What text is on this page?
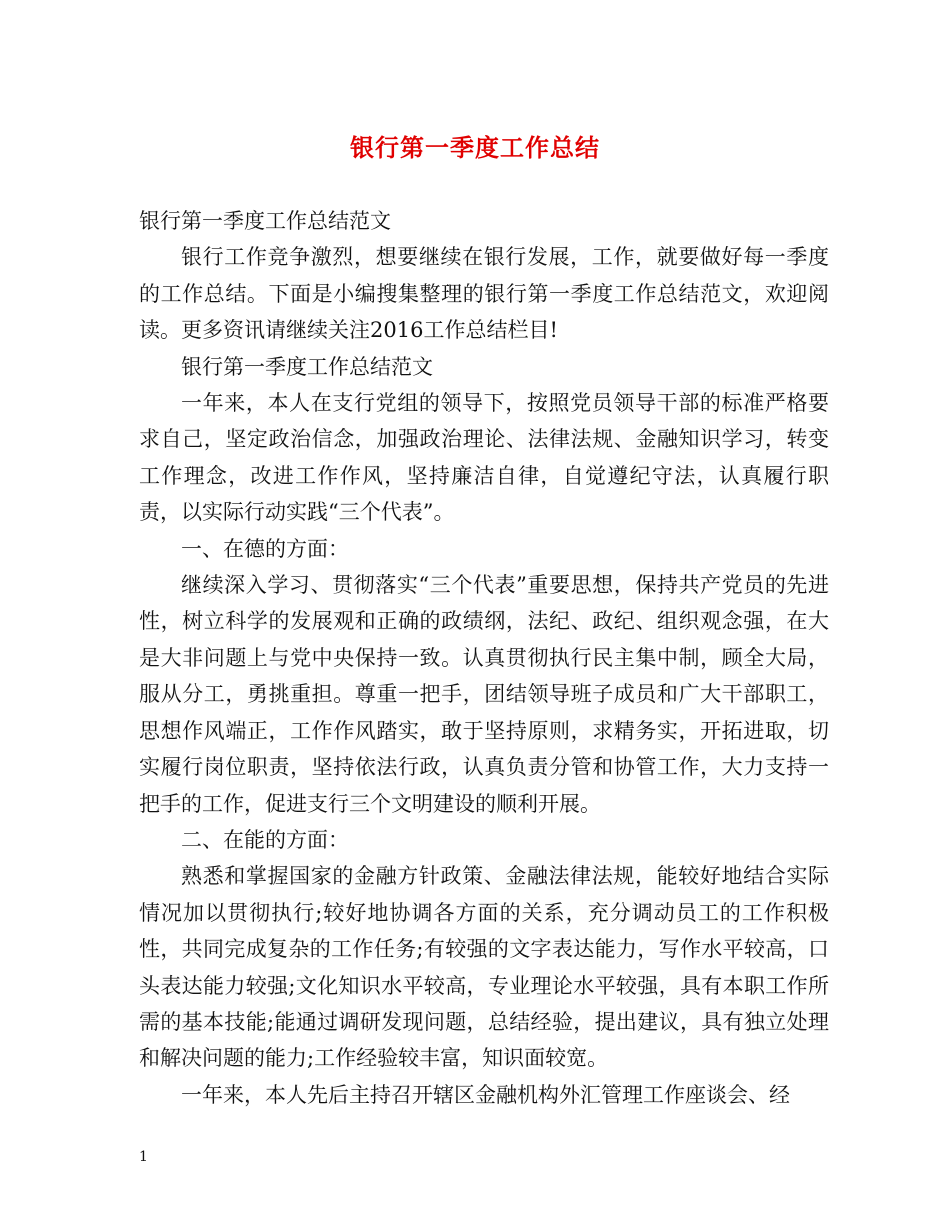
银行第一季度工作总结

银行第一季度工作总结范文

银行工作竞争激烈，想要继续在银行发展，工作，就要做好每一季度的工作总结。下面是小编搜集整理的银行第一季度工作总结范文，欢迎阅读。更多资讯请继续关注2016工作总结栏目!

银行第一季度工作总结范文

一年来，本人在支行党组的领导下，按照党员领导干部的标准严格要求自己，坚定政治信念，加强政治理论、法律法规、金融知识学习，转变工作理念，改进工作作风，坚持廉洁自律，自觉遵纪守法，认真履行职责，以实际行动实践“三个代表”。

一、在德的方面：

继续深入学习、贯彻落实“三个代表”重要思想，保持共产党员的先进性，树立科学的发展观和正确的政绩纲，法纪、政纪、组织观念强，在大是大非问题上与党中央保持一致。认真贯彻执行民主集中制，顾全大局，服从分工，勇挑重担。尊重一把手，团结领导班子成员和广大干部职工，思想作风端正，工作作风踏实，敢于坚持原则，求精务实，开拓进取，切实履行岗位职责，坚持依法行政，认真负责分管和协管工作，大力支持一把手的工作，促进支行三个文明建设的顺利开展。

二、在能的方面：

熟悉和掌握国家的金融方针政策、金融法律法规，能较好地结合实际情况加以贯彻执行;较好地协调各方面的关系，充分调动员工的工作积极性，共同完成复杂的工作任务;有较强的文字表达能力，写作水平较高，口头表达能力较强;文化知识水平较高，专业理论水平较强，具有本职工作所需的基本技能;能通过调研发现问题，总结经验，提出建议，具有独立处理和解决问题的能力;工作经验较丰富，知识面较宽。

一年来，本人先后主持召开辖区金融机构外汇管理工作座谈会、经

1
